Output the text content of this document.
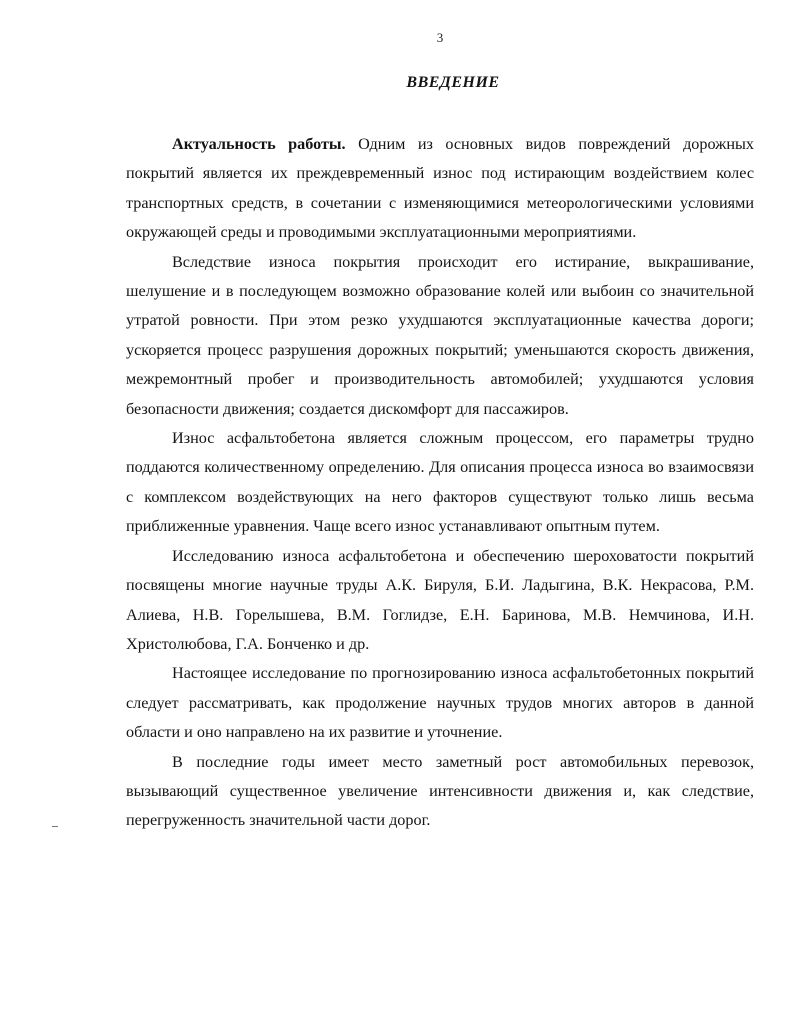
3
ВВЕДЕНИЕ

Актуальность работы. Одним из основных видов повреждений дорожных покрытий является их преждевременный износ под истирающим воздействием колес транспортных средств, в сочетании с изменяющимися метеорологическими условиями окружающей среды и проводимыми эксплуатационными мероприятиями.

Вследствие износа покрытия происходит его истирание, выкрашивание, шелушение и в последующем возможно образование колей или выбоин со значительной утратой ровности. При этом резко ухудшаются эксплуатационные качества дороги; ускоряется процесс разрушения дорожных покрытий; уменьшаются скорость движения, межремонтный пробег и производительность автомобилей; ухудшаются условия безопасности движения; создается дискомфорт для пассажиров.

Износ асфальтобетона является сложным процессом, его параметры трудно поддаются количественному определению. Для описания процесса износа во взаимосвязи с комплексом воздействующих на него факторов существуют только лишь весьма приближенные уравнения. Чаще всего износ устанавливают опытным путем.

Исследованию износа асфальтобетона и обеспечению шероховатости покрытий посвящены многие научные труды А.К. Бируля, Б.И. Ладыгина, В.К. Некрасова, Р.М. Алиева, Н.В. Горелышева, В.М. Гоглидзе, Е.Н. Баринова, М.В. Немчинова, И.Н. Христолюбова, Г.А. Бонченко и др.

Настоящее исследование по прогнозированию износа асфальтобетонных покрытий следует рассматривать, как продолжение научных трудов многих авторов в данной области и оно направлено на их развитие и уточнение.

В последние годы имеет место заметный рост автомобильных перевозок, вызывающий существенное увеличение интенсивности движения и, как следствие, перегруженность значительной части дорог.
